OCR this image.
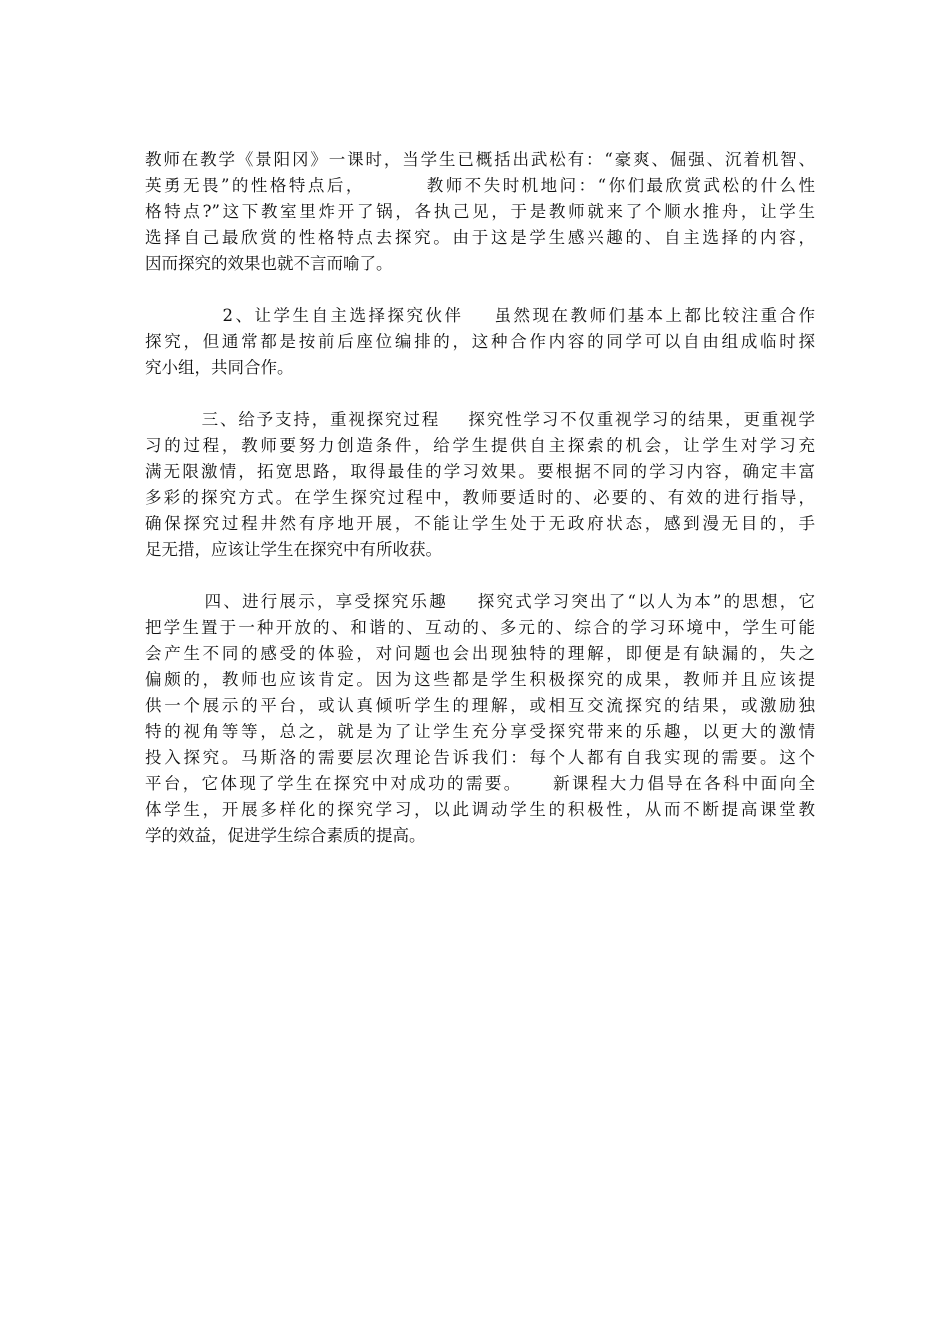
教师在教学《景阳冈》一课时，当学生已概括出武松有：“豪爽、倔强、沉着机智、
英勇无畏”的性格特点后，        教师不失时机地问：“你们最欣赏武松的什么性
格特点?”这下教室里炸开了锅，各执己见，于是教师就来了个顺水推舟，让学生
选择自己最欣赏的性格特点去探究。由于这是学生感兴趣的、自主选择的内容，
因而探究的效果也就不言而喻了。

2、让学生自主选择探究伙伴    虽然现在教师们基本上都比较注重合作
探究，但通常都是按前后座位编排的，这种合作内容的同学可以自由组成临时探
究小组，共同合作。

三、给予支持，重视探究过程    探究性学习不仅重视学习的结果，更重视学
习的过程，教师要努力创造条件，给学生提供自主探索的机会，让学生对学习充
满无限激情，拓宽思路，取得最佳的学习效果。要根据不同的学习内容，确定丰富
多彩的探究方式。在学生探究过程中，教师要适时的、必要的、有效的进行指导，
确保探究过程井然有序地开展，不能让学生处于无政府状态，感到漫无目的，手
足无措，应该让学生在探究中有所收获。

四、进行展示，享受探究乐趣    探究式学习突出了“以人为本”的思想，它
把学生置于一种开放的、和谐的、互动的、多元的、综合的学习环境中，学生可能
会产生不同的感受的体验，对问题也会出现独特的理解，即便是有缺漏的，失之
偏颇的，教师也应该肯定。因为这些都是学生积极探究的成果，教师并且应该提
供一个展示的平台，或认真倾听学生的理解，或相互交流探究的结果，或激励独
特的视角等等，总之，就是为了让学生充分享受探究带来的乐趣，以更大的激情
投入探究。马斯洛的需要层次理论告诉我们：每个人都有自我实现的需要。这个
平台，它体现了学生在探究中对成功的需要。    新课程大力倡导在各科中面向全
体学生，开展多样化的探究学习，以此调动学生的积极性，从而不断提高课堂教
学的效益，促进学生综合素质的提高。
